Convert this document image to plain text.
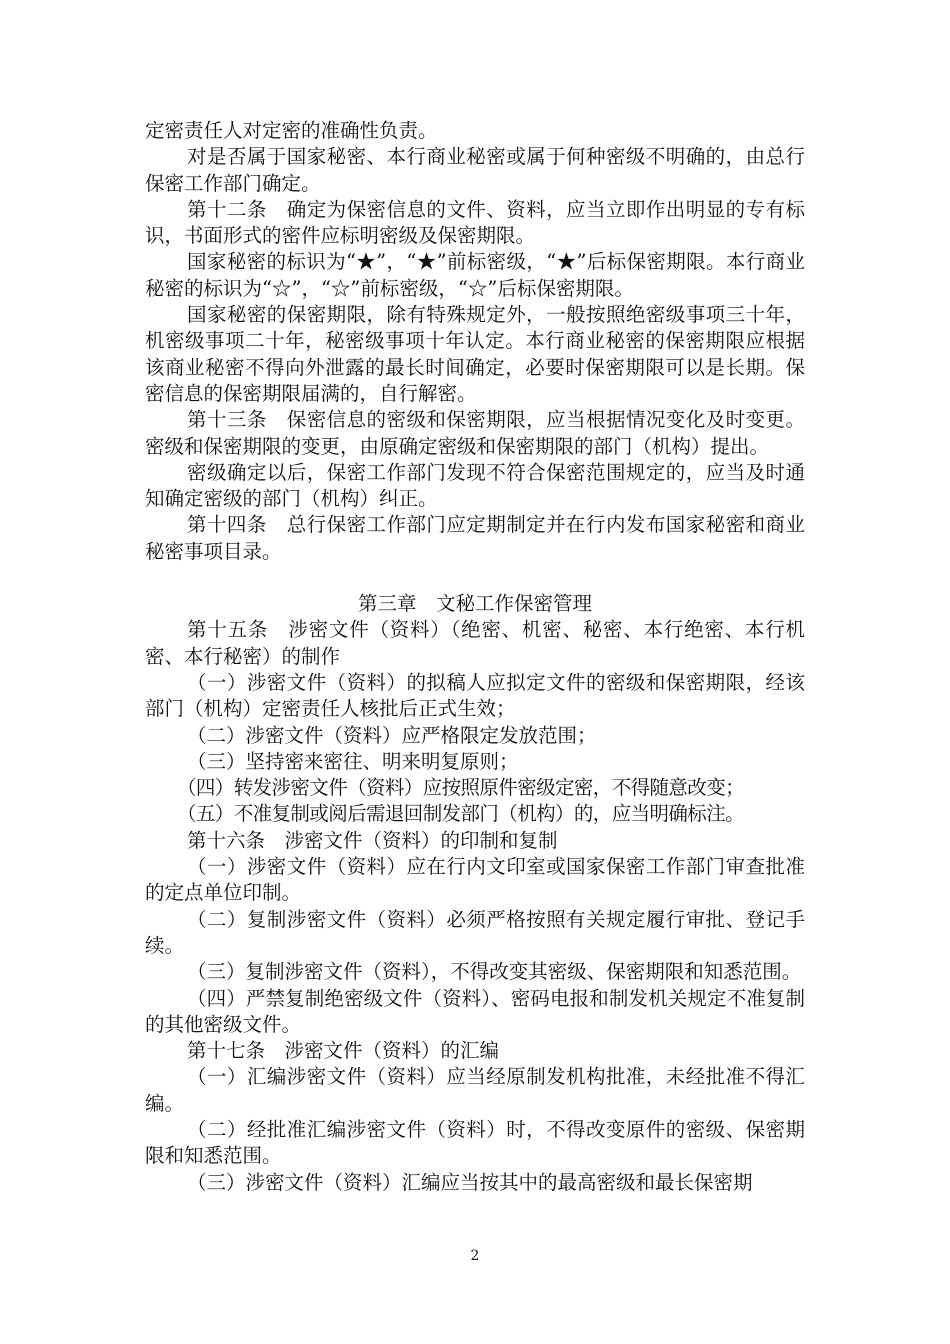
定密责任人对定密的准确性负责。

对是否属于国家秘密、本行商业秘密或属于何种密级不明确的，由总行保密工作部门确定。

第十二条　确定为保密信息的文件、资料，应当立即作出明显的专有标识，书面形式的密件应标明密级及保密期限。

国家秘密的标识为“★”，“★”前标密级，“★”后标保密期限。本行商业秘密的标识为“☆”，“☆”前标密级，“☆”后标保密期限。

国家秘密的保密期限，除有特殊规定外，一般按照绝密级事项三十年，机密级事项二十年，秘密级事项十年认定。本行商业秘密的保密期限应根据该商业秘密不得向外泄露的最长时间确定，必要时保密期限可以是长期。保密信息的保密期限届满的，自行解密。

第十三条　保密信息的密级和保密期限，应当根据情况变化及时变更。密级和保密期限的变更，由原确定密级和保密期限的部门（机构）提出。

密级确定以后，保密工作部门发现不符合保密范围规定的，应当及时通知确定密级的部门（机构）纠正。

第十四条　总行保密工作部门应定期制定并在行内发布国家秘密和商业秘密事项目录。

第三章　文秘工作保密管理

第十五条　涉密文件（资料）（绝密、机密、秘密、本行绝密、本行机密、本行秘密）的制作

（一）涉密文件（资料）的拟稿人应拟定文件的密级和保密期限，经该部门（机构）定密责任人核批后正式生效；

（二）涉密文件（资料）应严格限定发放范围；

（三）坚持密来密往、明来明复原则；

（四）转发涉密文件（资料）应按照原件密级定密，不得随意改变；

（五）不准复制或阅后需退回制发部门（机构）的，应当明确标注。

第十六条　涉密文件（资料）的印制和复制

（一）涉密文件（资料）应在行内文印室或国家保密工作部门审查批准的定点单位印制。

（二）复制涉密文件（资料）必须严格按照有关规定履行审批、登记手续。

（三）复制涉密文件（资料），不得改变其密级、保密期限和知悉范围。

（四）严禁复制绝密级文件（资料）、密码电报和制发机关规定不准复制的其他密级文件。

第十七条　涉密文件（资料）的汇编

（一）汇编涉密文件（资料）应当经原制发机构批准，未经批准不得汇编。

（二）经批准汇编涉密文件（资料）时，不得改变原件的密级、保密期限和知悉范围。

（三）涉密文件（资料）汇编应当按其中的最高密级和最长保密期

2
